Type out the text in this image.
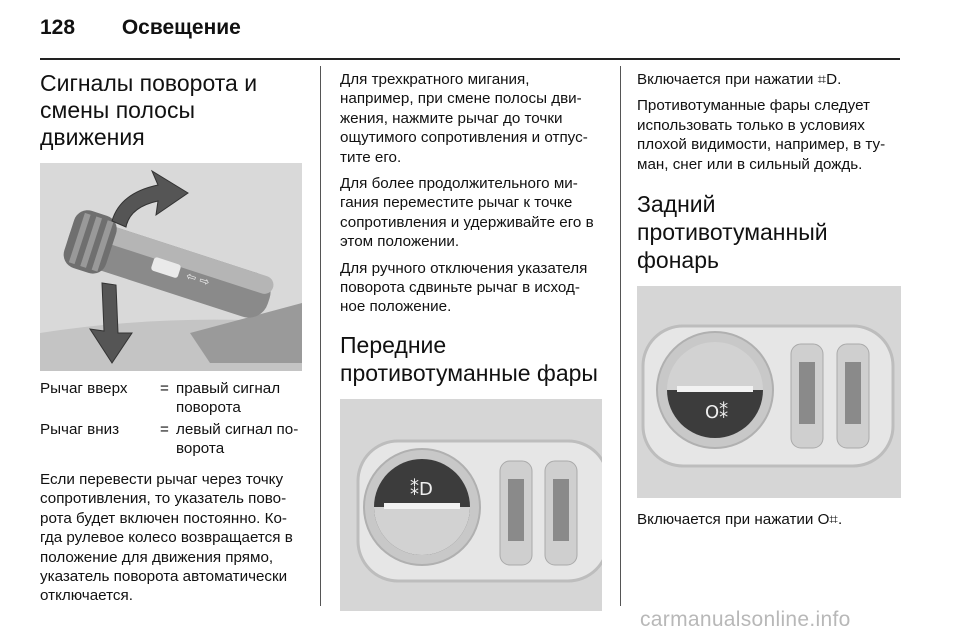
128 Освещение
Сигналы поворота и смены полосы движения
⇦ ⇨
Рычаг вверх	= правый сигнал поворота
Рычаг вниз	= левый сигнал по-ворота

Если перевести рычаг через точку сопротивления, то указатель пово-рота будет включен постоянно. Ко-гда рулевое колесо возвращается в положение для движения прямо, указатель поворота автоматически отключается.

Для трехкратного мигания, например, при смене полосы дви-жения, нажмите рычаг до точки ощутимого сопротивления и отпус-тите его.

Для более продолжительного ми-гания переместите рычаг к точке сопротивления и удерживайте его в этом положении.

Для ручного отключения указателя поворота сдвиньте рычаг в исход-ное положение.

Передние противотуманные фары
⁑D

Включается при нажатии ⌗D.

Противотуманные фары следует использовать только в условиях плохой видимости, например, в ту-ман, снег или в сильный дождь.

Задний противотуманный фонарь
O⁑

Включается при нажатии O⌗.

carmanualsonline.info
